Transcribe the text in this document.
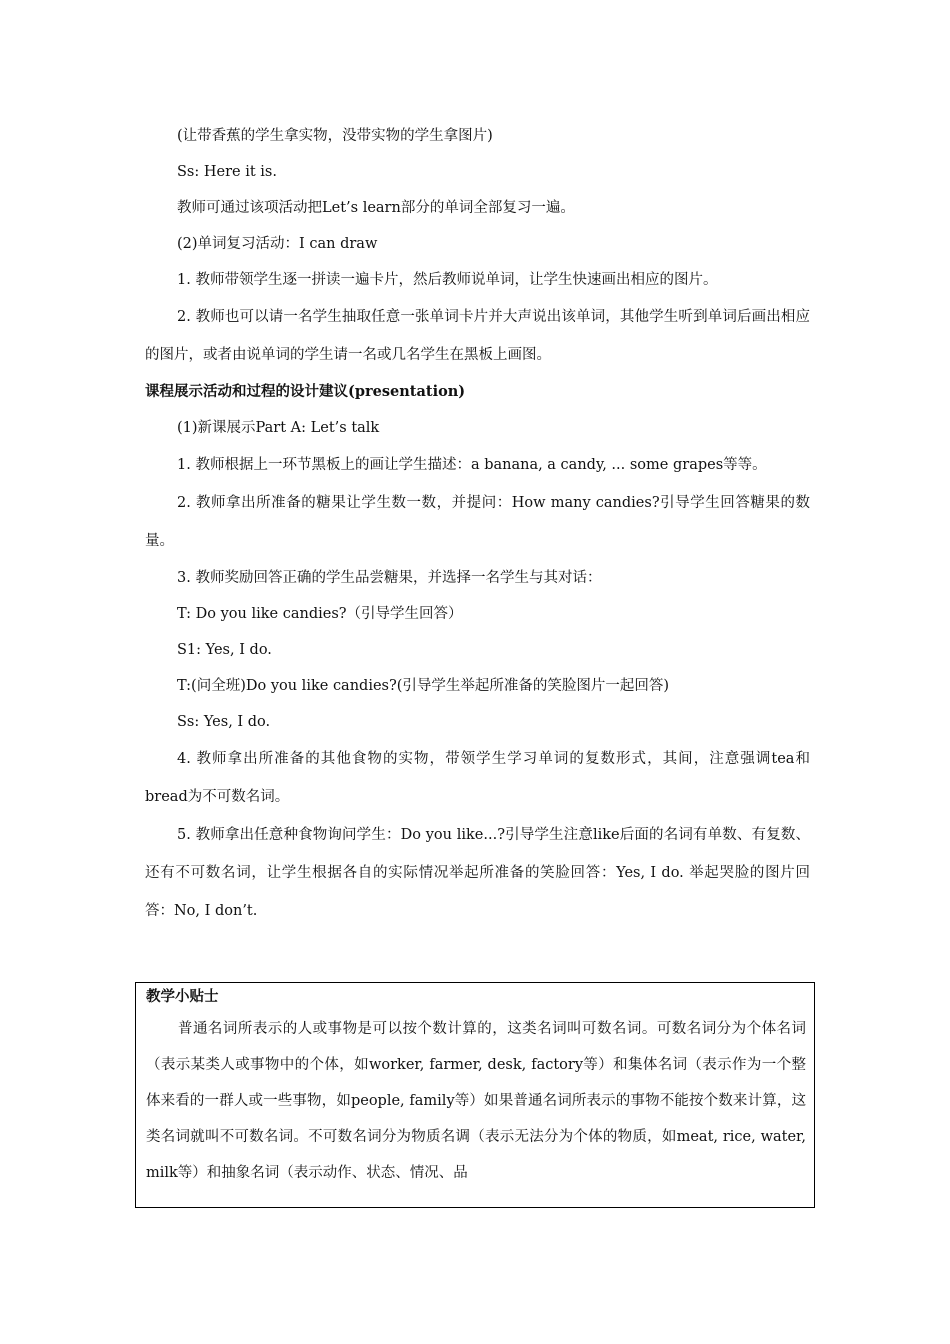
(让带香蕉的学生拿实物，没带实物的学生拿图片)
Ss: Here it is.
教师可通过该项活动把Let’s learn部分的单词全部复习一遍。
(2)单词复习活动：I can draw
1. 教师带领学生逐一拼读一遍卡片，然后教师说单词，让学生快速画出相应的图片。
2. 教师也可以请一名学生抽取任意一张单词卡片并大声说出该单词，其他学生听到单词后画出相应的图片，或者由说单词的学生请一名或几名学生在黑板上画图。
课程展示活动和过程的设计建议(presentation)
(1)新课展示Part A: Let’s talk
1. 教师根据上一环节黑板上的画让学生描述：a banana, a candy, ... some grapes等等。
2. 教师拿出所准备的糖果让学生数一数，并提问：How many candies?引导学生回答糖果的数量。
3. 教师奖励回答正确的学生品尝糖果，并选择一名学生与其对话：
T: Do you like candies?（引导学生回答）
S1: Yes, I do.
T:(问全班)Do you like candies?(引导学生举起所准备的笑脸图片一起回答)
Ss: Yes, I do.
4. 教师拿出所准备的其他食物的实物，带领学生学习单词的复数形式，其间，注意强调tea和bread为不可数名词。
5. 教师拿出任意种食物询问学生：Do you like...?引导学生注意like后面的名词有单数、有复数、还有不可数名词，让学生根据各自的实际情况举起所准备的笑脸回答：Yes, I do. 举起哭脸的图片回答：No, I don’t.
教学小贴士
普通名词所表示的人或事物是可以按个数计算的，这类名词叫可数名词。可数名词分为个体名词（表示某类人或事物中的个体，如worker, farmer, desk, factory等）和集体名词（表示作为一个整体来看的一群人或一些事物，如people, family等）如果普通名词所表示的事物不能按个数来计算，这类名词就叫不可数名词。不可数名词分为物质名调（表示无法分为个体的物质，如meat, rice, water, milk等）和抽象名词（表示动作、状态、情况、品
